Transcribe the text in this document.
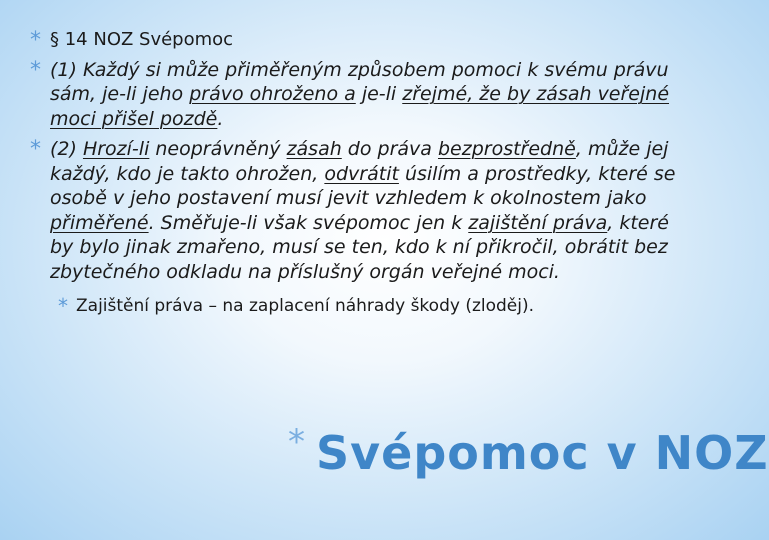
* § 14 NOZ Svépomoc
* (1) Každý si může přiměřeným způsobem pomoci k svému právu sám, je-li jeho právo ohroženo a je-li zřejmé, že by zásah veřejné moci přišel pozdě.
* (2) Hrozí-li neoprávněný zásah do práva bezprostředně, může jej každý, kdo je takto ohrožen, odvrátit úsilím a prostředky, které se osobě v jeho postavení musí jevit vzhledem k okolnostem jako přiměřené. Směřuje-li však svépomoc jen k zajištění práva, které by bylo jinak zmařeno, musí se ten, kdo k ní přikročil, obrátit bez zbytečného odkladu na příslušný orgán veřejné moci.
* Zajištění práva – na zaplacení náhrady škody (zloděj).
* Svépomoc v NOZ
